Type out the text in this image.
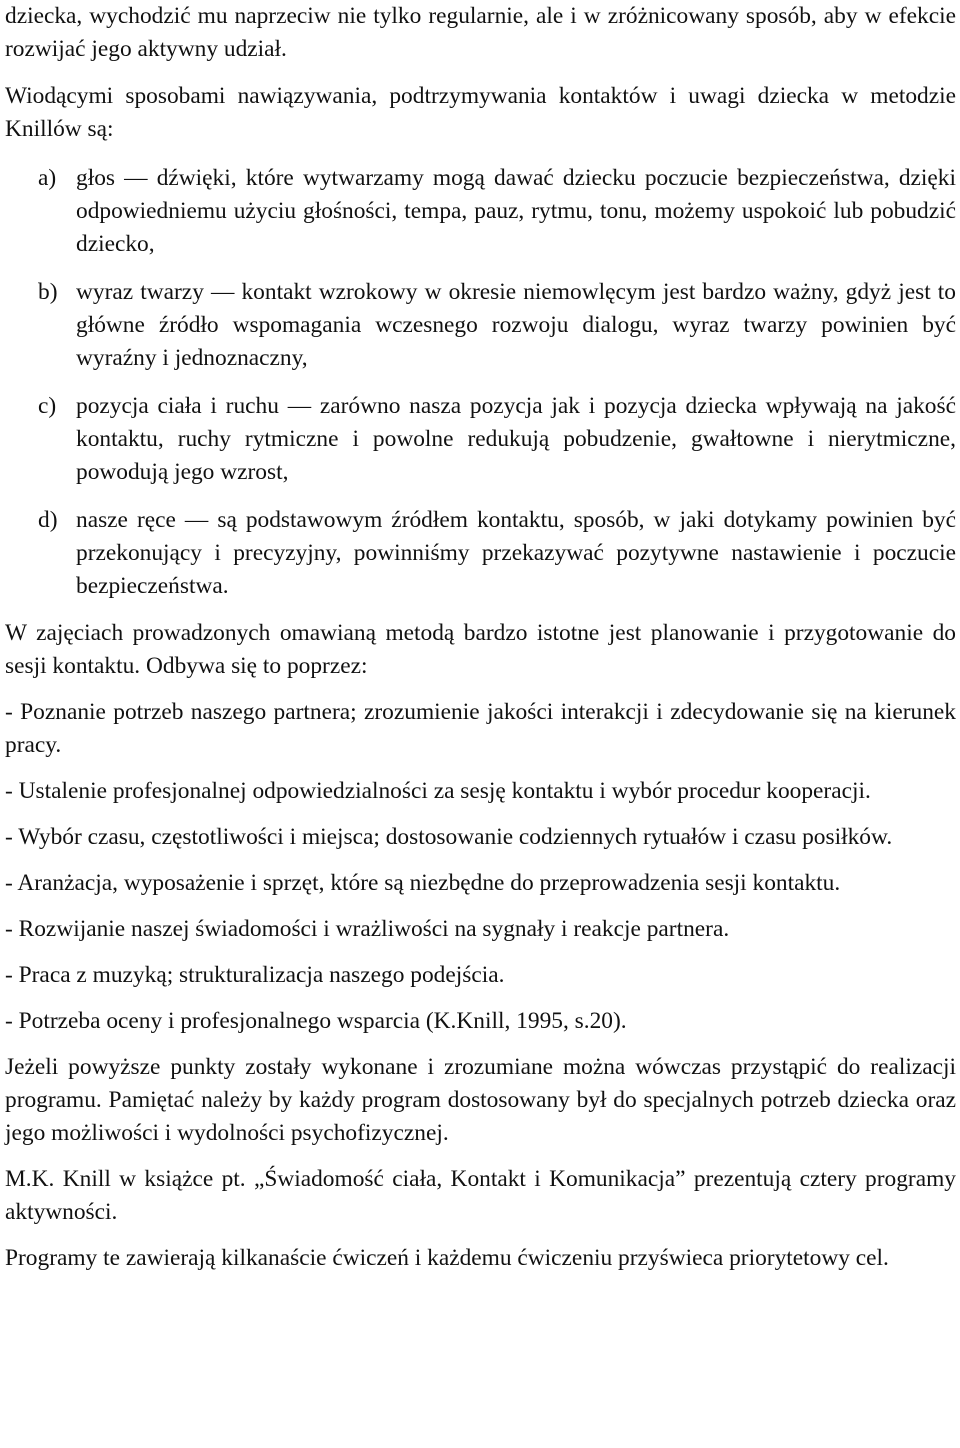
dziecka, wychodzić mu naprzeciw nie tylko regularnie, ale i w zróżnicowany sposób, aby w efekcie rozwijać jego aktywny udział.

Wiodącymi sposobami nawiązywania, podtrzymywania kontaktów i uwagi dziecka w metodzie Knillów są:

a) głos — dźwięki, które wytwarzamy mogą dawać dziecku poczucie bezpieczeństwa, dzięki odpowiedniemu użyciu głośności, tempa, pauz, rytmu, tonu, możemy uspokoić lub pobudzić dziecko,
b) wyraz twarzy — kontakt wzrokowy w okresie niemowlęcym jest bardzo ważny, gdyż jest to główne źródło wspomagania wczesnego rozwoju dialogu, wyraz twarzy powinien być wyraźny i jednoznaczny,
c) pozycja ciała i ruchu — zarówno nasza pozycja jak i pozycja dziecka wpływają na jakość kontaktu, ruchy rytmiczne i powolne redukują pobudzenie, gwałtowne i nierytmiczne, powodują jego wzrost,
d) nasze ręce — są podstawowym źródłem kontaktu, sposób, w jaki dotykamy powinien być przekonujący i precyzyjny, powinniśmy przekazywać pozytywne nastawienie i poczucie bezpieczeństwa.

W zajęciach prowadzonych omawianą metodą bardzo istotne jest planowanie i przygotowanie do sesji kontaktu. Odbywa się to poprzez:

- Poznanie potrzeb naszego partnera; zrozumienie jakości interakcji i zdecydowanie się na kierunek pracy.

- Ustalenie profesjonalnej odpowiedzialności za sesję kontaktu i wybór procedur kooperacji.

- Wybór czasu, częstotliwości i miejsca; dostosowanie codziennych rytuałów i czasu posiłków.

- Aranżacja, wyposażenie i sprzęt, które są niezbędne do przeprowadzenia sesji kontaktu.

- Rozwijanie naszej świadomości i wrażliwości na sygnały i reakcje partnera.

- Praca z muzyką; strukturalizacja naszego podejścia.

- Potrzeba oceny i profesjonalnego wsparcia (K.Knill, 1995, s.20).

Jeżeli powyższe punkty zostały wykonane i zrozumiane można wówczas przystąpić do realizacji programu. Pamiętać należy by każdy program dostosowany był do specjalnych potrzeb dziecka oraz jego możliwości i wydolności psychofizycznej.

M.K. Knill w książce pt. „Świadomość ciała, Kontakt i Komunikacja” prezentują cztery programy aktywności.

Programy te zawierają kilkanaście ćwiczeń i każdemu ćwiczeniu przyświeca priorytetowy cel.
